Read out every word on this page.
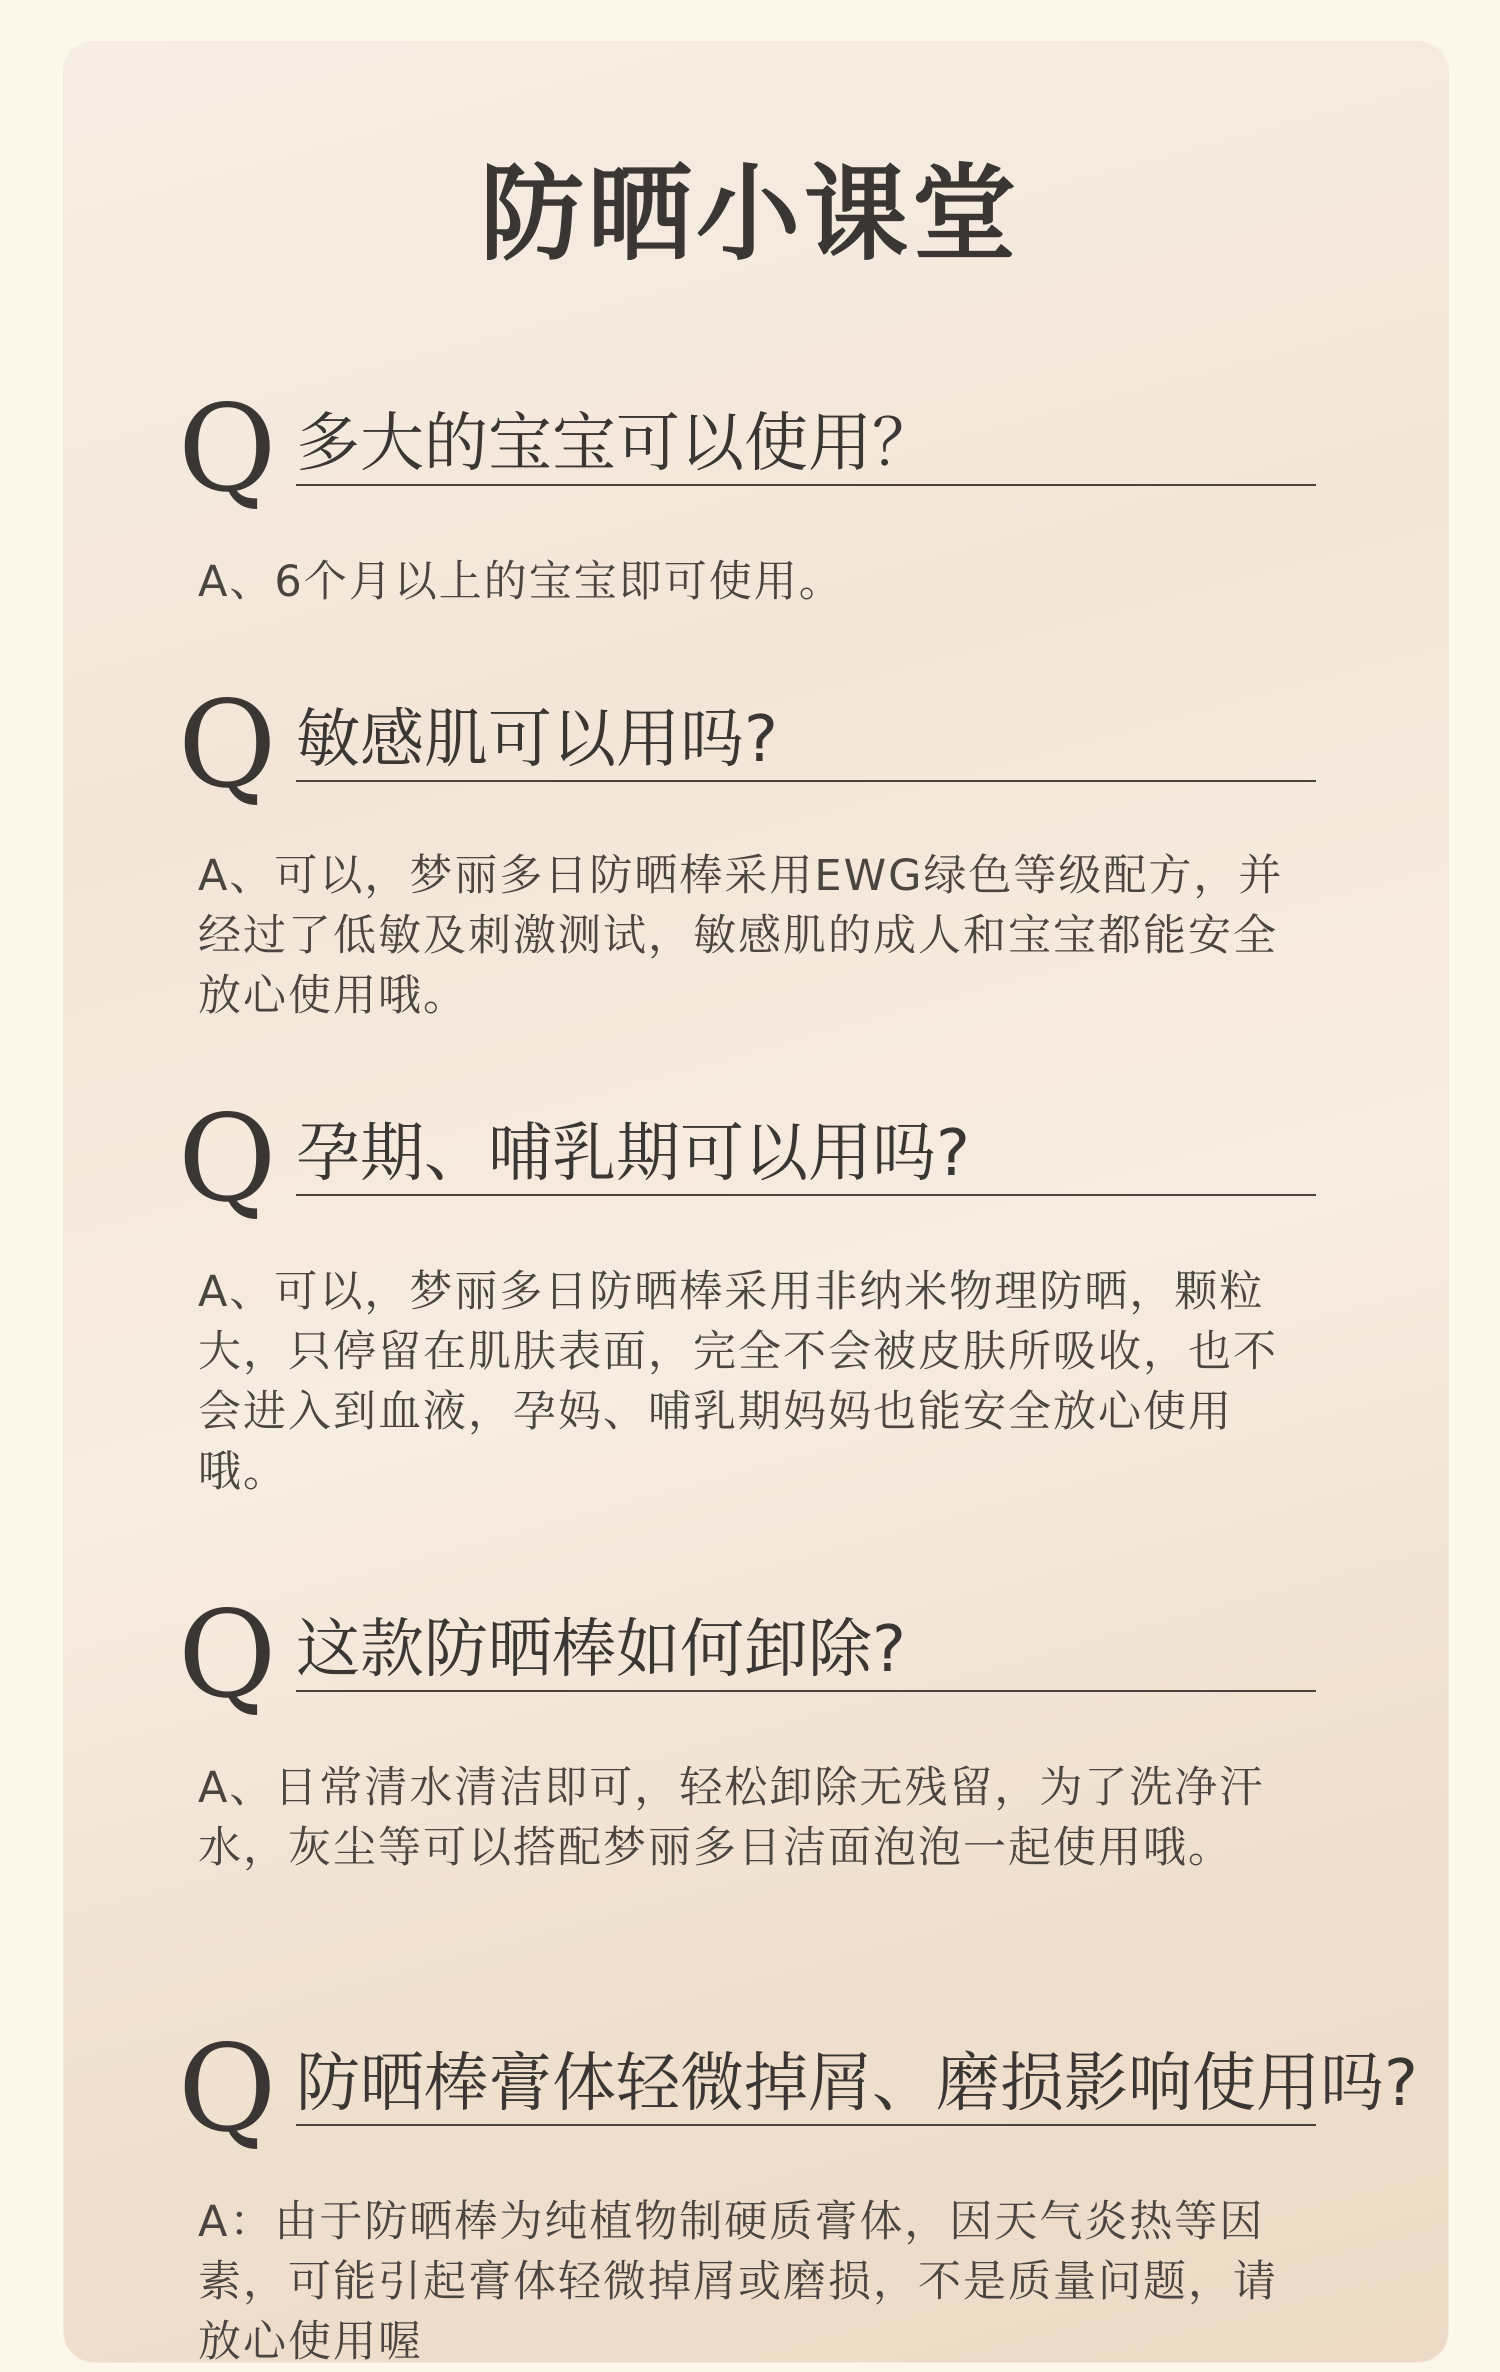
防晒小课堂
Q 多大的宝宝可以使用？
A、6个月以上的宝宝即可使用。
Q 敏感肌可以用吗?
A、可以，梦丽多日防晒棒采用EWG绿色等级配方，并经过了低敏及刺激测试，敏感肌的成人和宝宝都能安全放心使用哦。
Q 孕期、哺乳期可以用吗?
A、可以，梦丽多日防晒棒采用非纳米物理防晒，颗粒大，只停留在肌肤表面，完全不会被皮肤所吸收，也不会进入到血液，孕妈、哺乳期妈妈也能安全放心使用哦。
Q 这款防晒棒如何卸除?
A、日常清水清洁即可，轻松卸除无残留，为了洗净汗水，灰尘等可以搭配梦丽多日洁面泡泡一起使用哦。
Q 防晒棒膏体轻微掉屑、磨损影响使用吗?
A：由于防晒棒为纯植物制硬质膏体，因天气炎热等因素，可能引起膏体轻微掉屑或磨损，不是质量问题，请放心使用喔
